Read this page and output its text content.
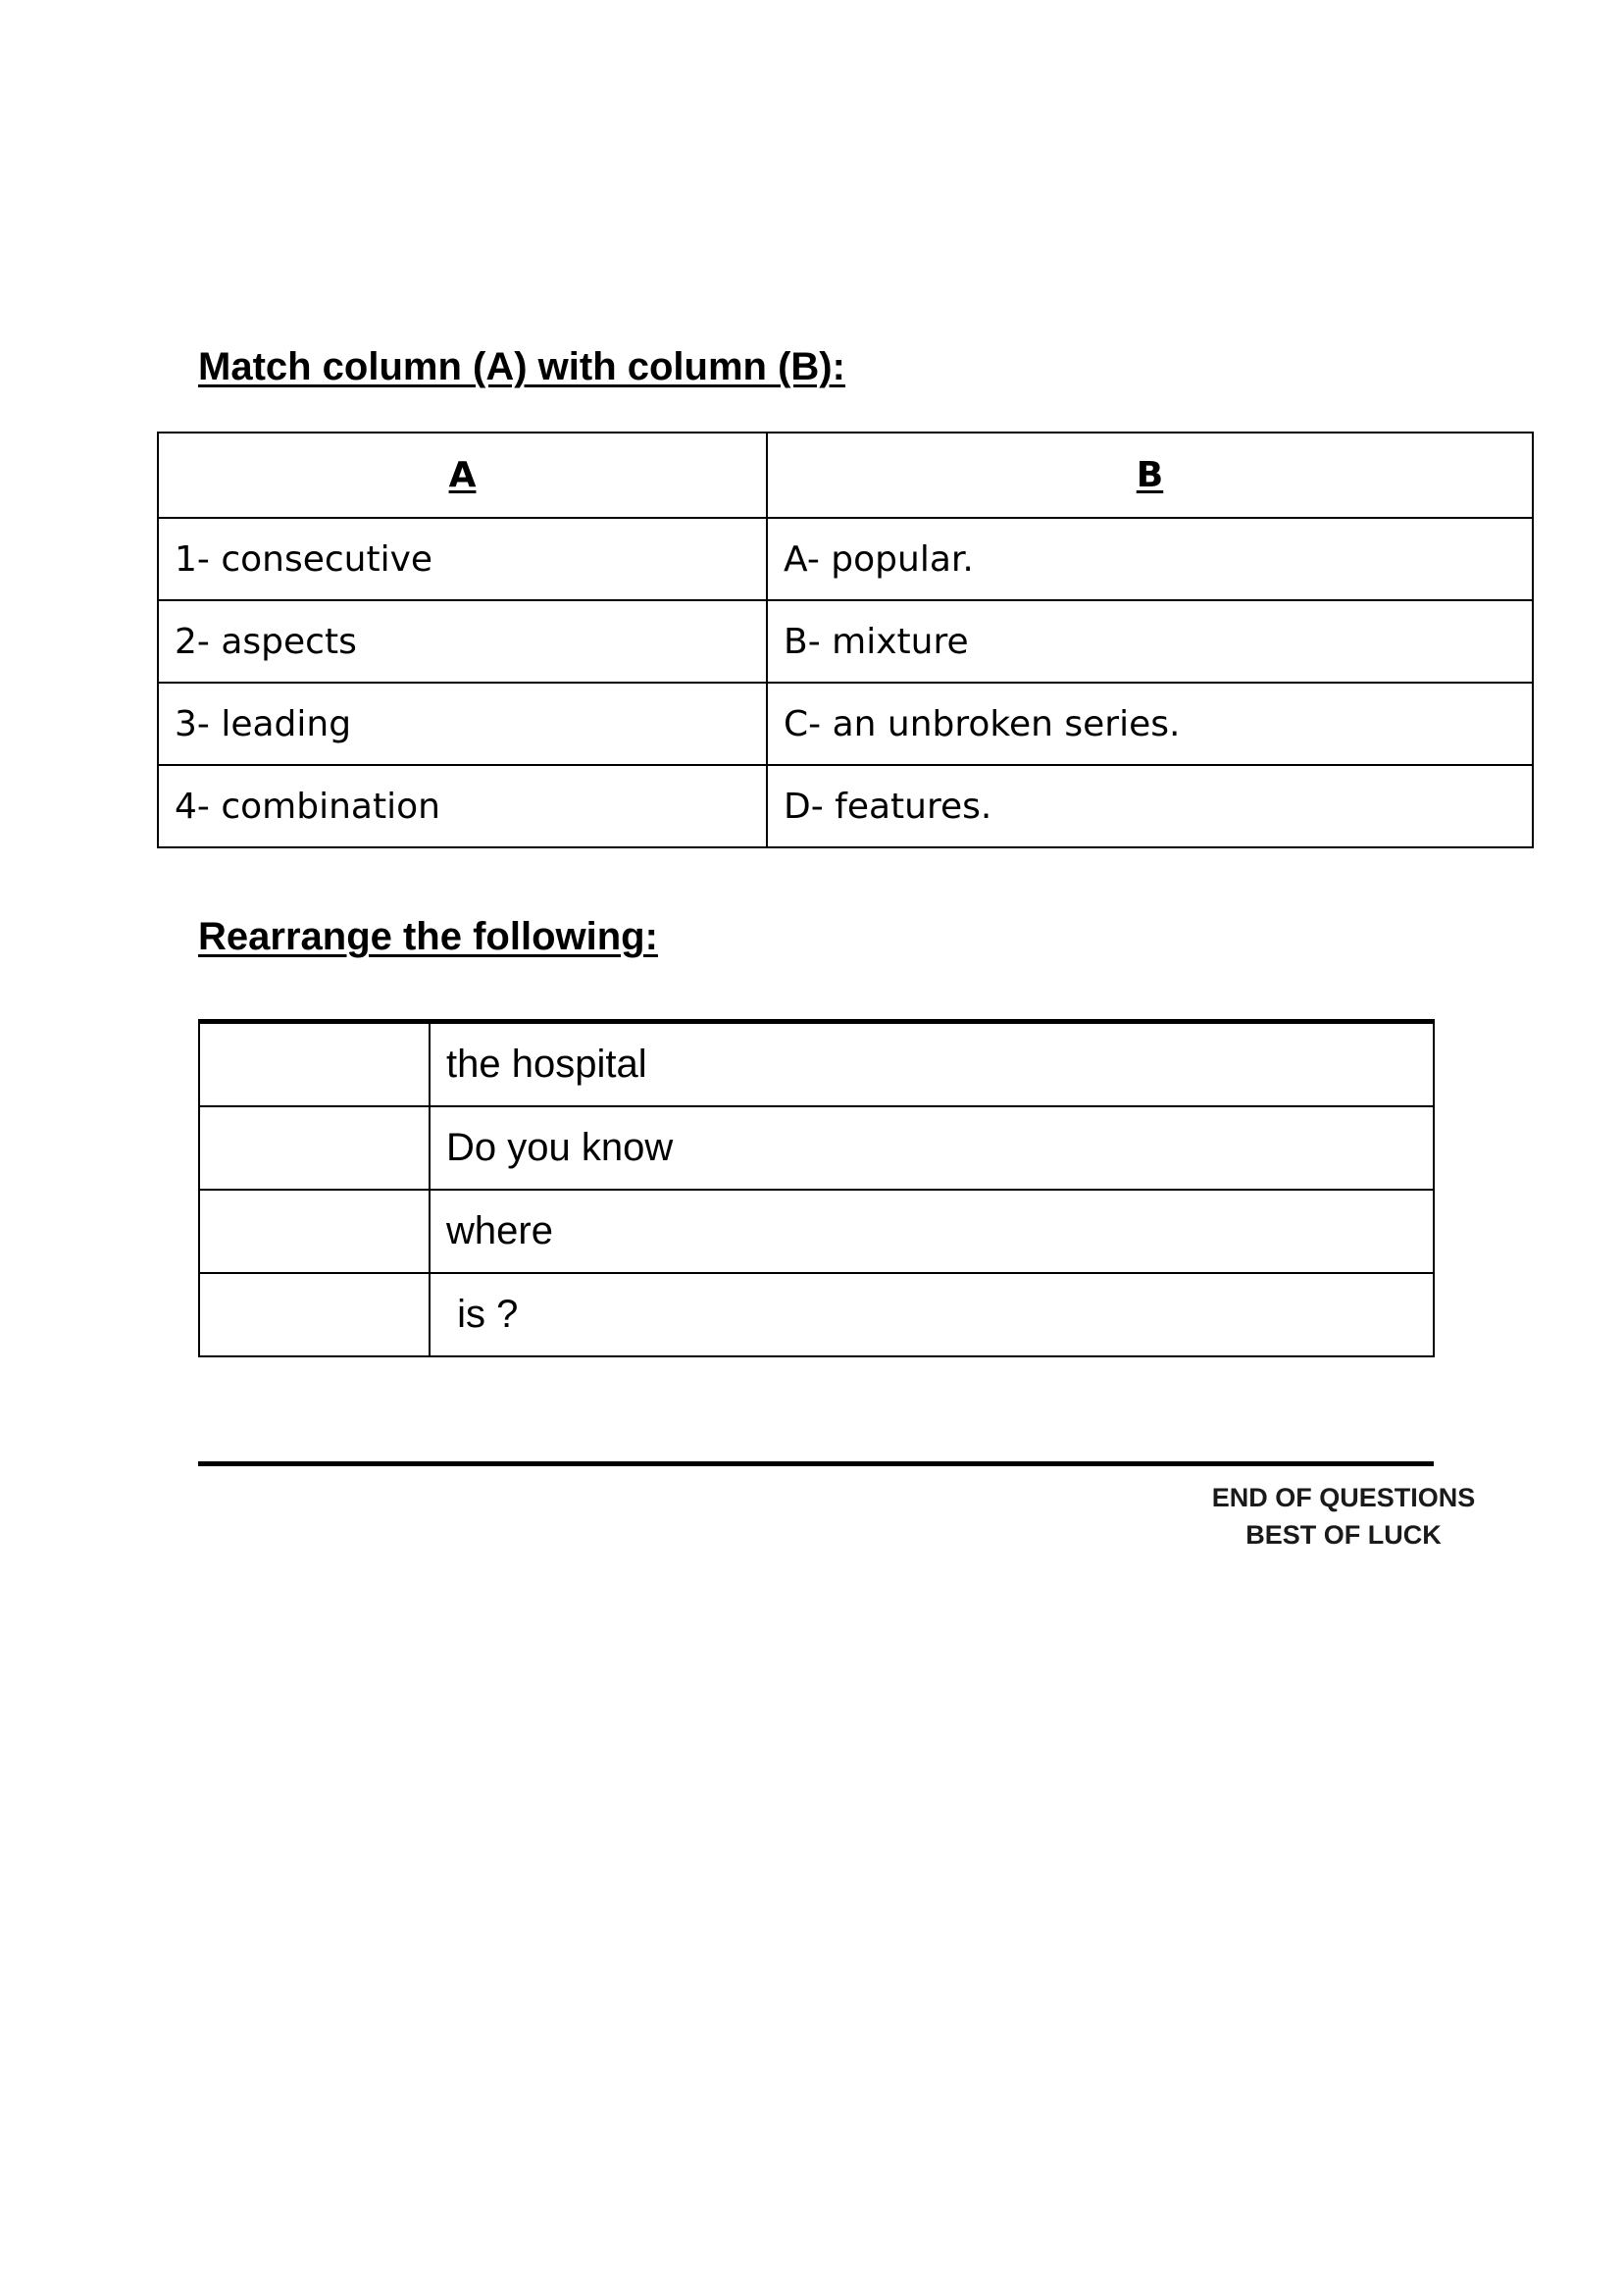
Match column (A) with column (B):
A	B
1- consecutive	A- popular.
2- aspects	B- mixture
3- leading	C- an unbroken series.
4- combination	D- features.
Rearrange the following:
	the hospital
	Do you know
	where
	is ?
END OF QUESTIONS
BEST OF LUCK
